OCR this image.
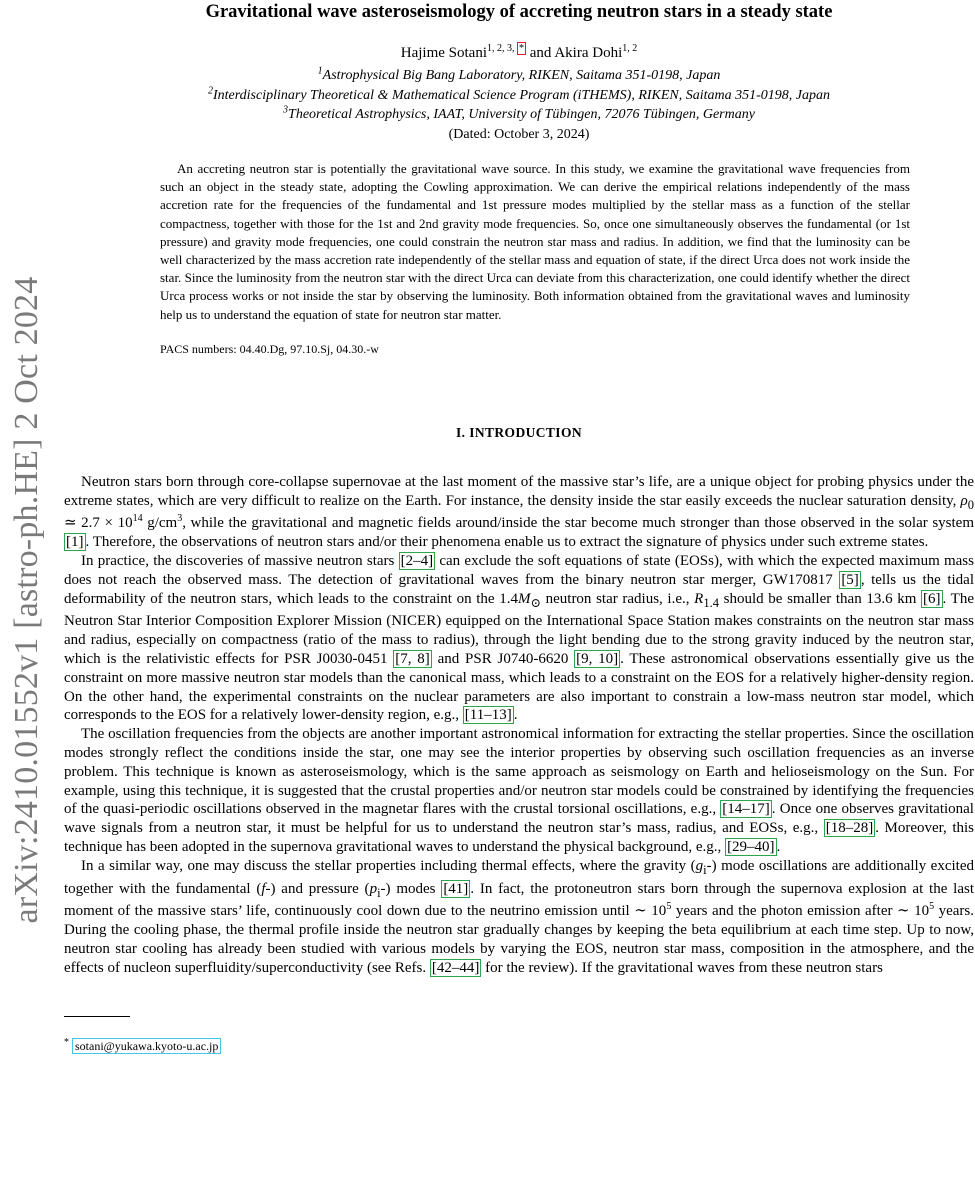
arXiv:2410.01552v1 [astro-ph.HE] 2 Oct 2024
Gravitational wave asteroseismology of accreting neutron stars in a steady state
Hajime Sotani$^{1, 2, 3, *}$ and Akira Dohi$^{1, 2}$
$^1$Astrophysical Big Bang Laboratory, RIKEN, Saitama 351-0198, Japan
$^2$Interdisciplinary Theoretical & Mathematical Science Program (iTHEMS), RIKEN, Saitama 351-0198, Japan
$^3$Theoretical Astrophysics, IAAT, University of Tübingen, 72076 Tübingen, Germany
(Dated: October 3, 2024)

An accreting neutron star is potentially the gravitational wave source. In this study, we examine the gravitational wave frequencies from such an object in the steady state, adopting the Cowling approximation. We can derive the empirical relations independently of the mass accretion rate for the frequencies of the fundamental and 1st pressure modes multiplied by the stellar mass as a function of the stellar compactness, together with those for the 1st and 2nd gravity mode frequencies. So, once one simultaneously observes the fundamental (or 1st pressure) and gravity mode frequencies, one could constrain the neutron star mass and radius. In addition, we find that the luminosity can be well characterized by the mass accretion rate independently of the stellar mass and equation of state, if the direct Urca does not work inside the star. Since the luminosity from the neutron star with the direct Urca can deviate from this characterization, one could identify whether the direct Urca process works or not inside the star by observing the luminosity. Both information obtained from the gravitational waves and luminosity help us to understand the equation of state for neutron star matter.

PACS numbers: 04.40.Dg, 97.10.Sj, 04.30.-w
I. INTRODUCTION

Neutron stars born through core-collapse supernovae at the last moment of the massive star’s life, are a unique object for probing physics under the extreme states, which are very difficult to realize on the Earth. For instance, the density inside the star easily exceeds the nuclear saturation density, $\rho_0$ ≃ $2.7 \times 10^{14}$ $g/cm^3$, while the gravitational and magnetic fields around/inside the star become much stronger than those observed in the solar system [1] . Therefore, the observations of neutron stars and/or their phenomena enable us to extract the signature of physics under such extreme states.

In practice, the discoveries of massive neutron stars [2–4] can exclude the soft equations of state (EOSs), with which the expected maximum mass does not reach the observed mass. The detection of gravitational waves from the binary neutron star merger, GW170817 [5] , tells us the tidal deformability of the neutron stars, which leads to the constraint on the $1.4M_⊙$ neutron star radius, i.e., $R_{1.4}$ should be smaller than 13.6 km [6] . The Neutron Star Interior Composition Explorer Mission (NICER) equipped on the International Space Station makes constraints on the neutron star mass and radius, especially on compactness (ratio of the mass to radius), through the light bending due to the strong gravity induced by the neutron star, which is the relativistic effects for PSR J0030-0451 [7, 8] and PSR J0740-6620 [9, 10] . These astronomical observations essentially give us the constraint on more massive neutron star models than the canonical mass, which leads to a constraint on the EOS for a relatively higher-density region. On the other hand, the experimental constraints on the nuclear parameters are also important to constrain a low-mass neutron star model, which corresponds to the EOS for a relatively lower-density region, e.g., [11–13] .

The oscillation frequencies from the objects are another important astronomical information for extracting the stellar properties. Since the oscillation modes strongly reflect the conditions inside the star, one may see the interior properties by observing such oscillation frequencies as an inverse problem. This technique is known as asteroseismology, which is the same approach as seismology on Earth and helioseismology on the Sun. For example, using this technique, it is suggested that the crustal properties and/or neutron star models could be constrained by identifying the frequencies of the quasi-periodic oscillations observed in the magnetar flares with the crustal torsional oscillations, e.g., [14–17] . Once one observes gravitational wave signals from a neutron star, it must be helpful for us to understand the neutron star’s mass, radius, and EOSs, e.g., [18–28] . Moreover, this technique has been adopted in the supernova gravitational waves to understand the physical background, e.g., [29–40] .

In a similar way, one may discuss the stellar properties including thermal effects, where the gravity $(g_i-)$ mode oscillations are additionally excited together with the fundamental (f-) and pressure $(p_i-)$ modes [41] . In fact, the protoneutron stars born through the supernova explosion at the last moment of the massive stars’ life, continuously cool down due to the neutrino emission until ∼ $10^5$ years and the photon emission after ∼ $10^5$ years. During the cooling phase, the thermal profile inside the neutron star gradually changes by keeping the beta equilibrium at each time step. Up to now, neutron star cooling has already been studied with various models by varying the EOS, neutron star mass, composition in the atmosphere, and the effects of nucleon superfluidity/superconductivity (see Refs. [42–44] for the review). If the gravitational waves from these neutron stars

* sotani@yukawa.kyoto-u.ac.jp
